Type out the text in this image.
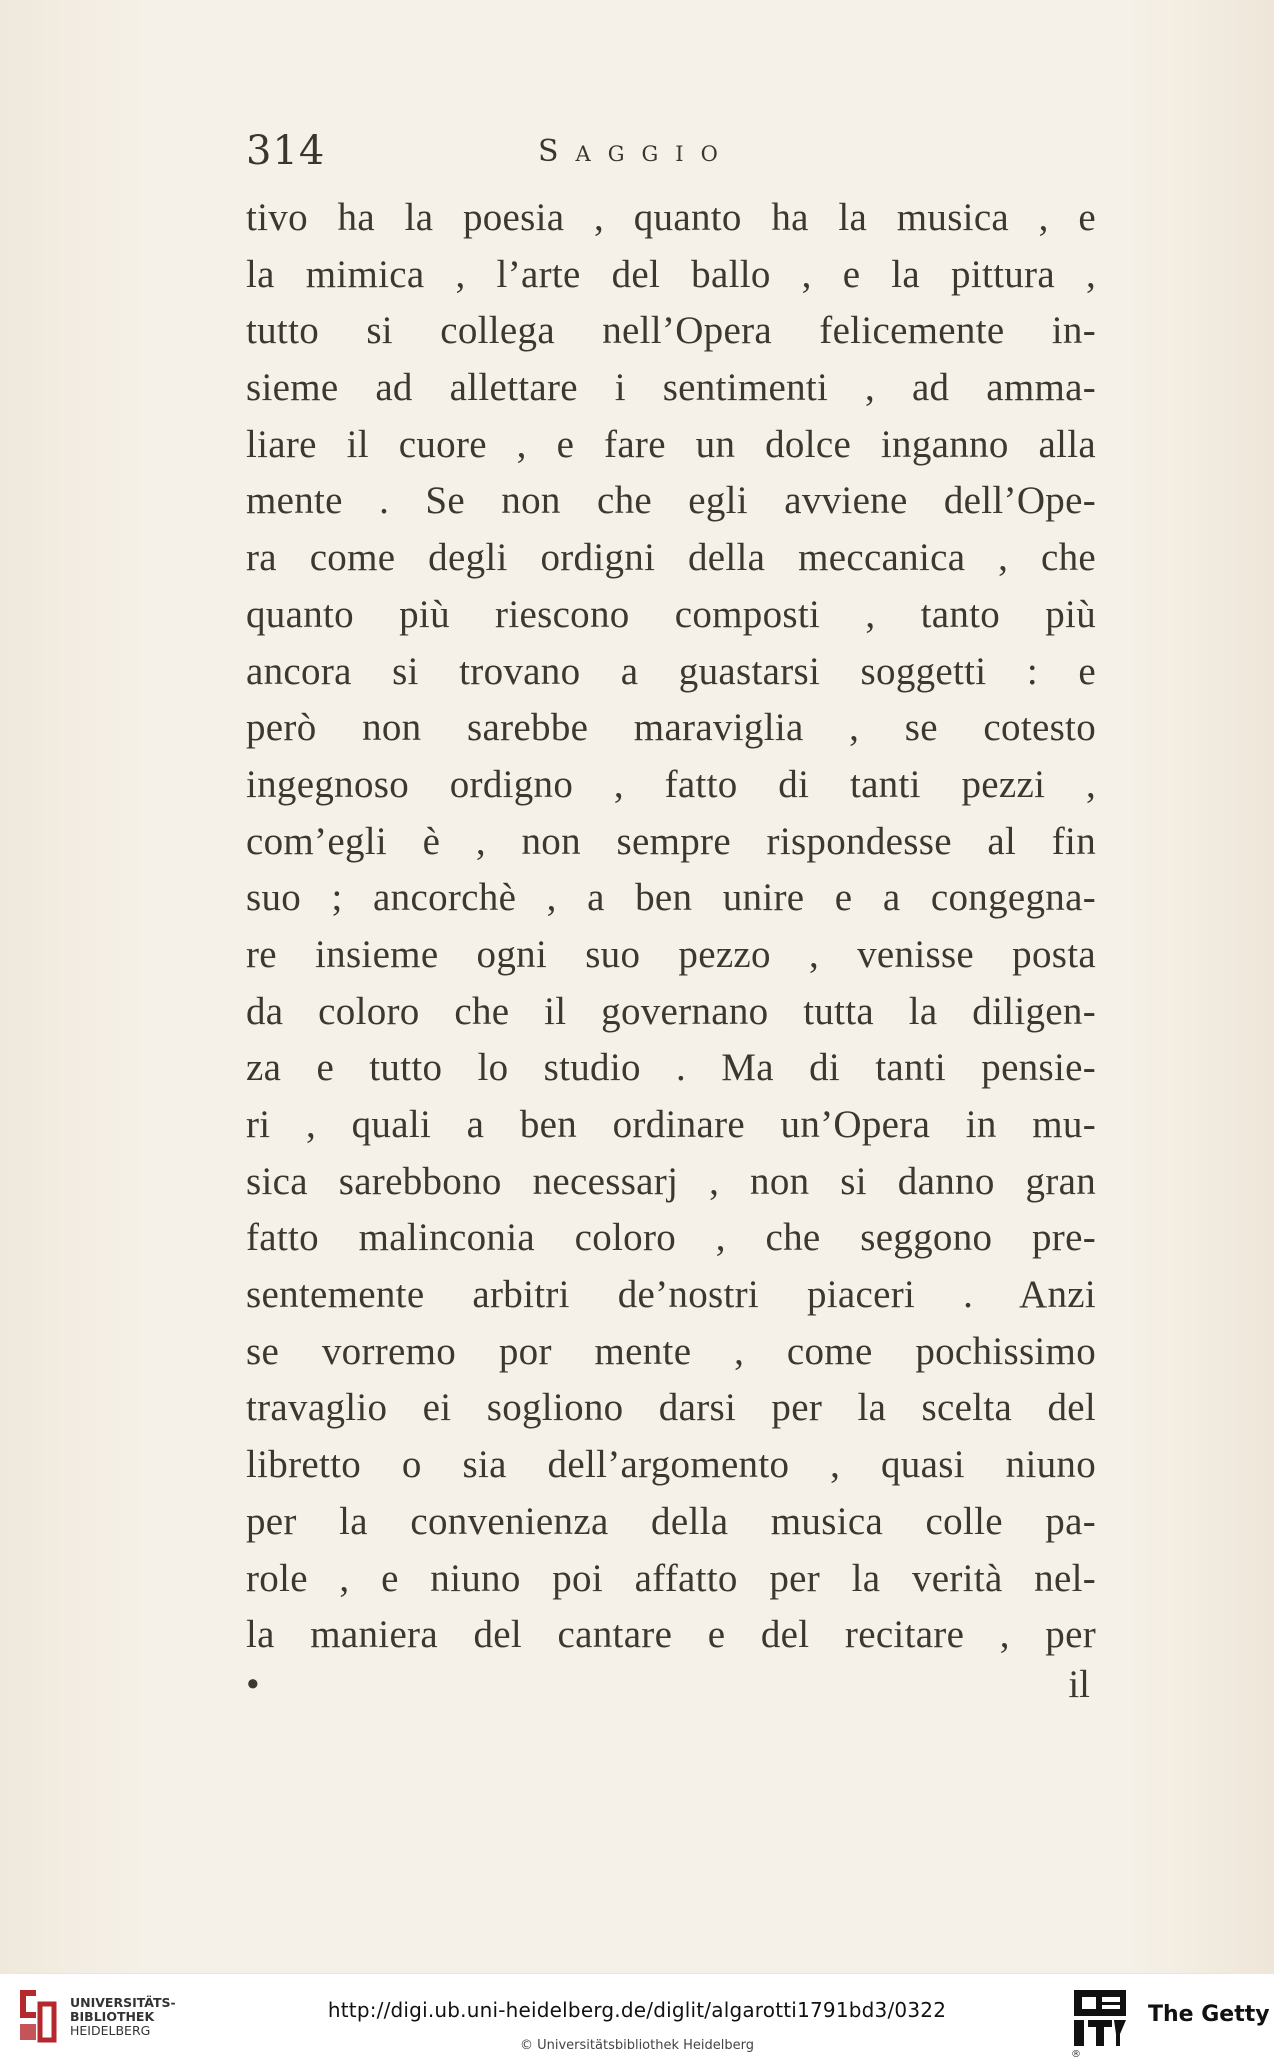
314	Saggio
tivo ha la poesia , quanto ha la musica , e
la mimica , l’arte del ballo , e la pittura ,
tutto si collega nell’Opera felicemente in-
sieme ad allettare i sentimenti , ad amma-
liare il cuore , e fare un dolce inganno alla
mente . Se non che egli avviene dell’Ope-
ra come degli ordigni della meccanica , che
quanto più riescono composti , tanto più
ancora si trovano a guastarsi soggetti : e
però non sarebbe maraviglia , se cotesto
ingegnoso ordigno , fatto di tanti pezzi ,
com’egli è , non sempre rispondesse al fin
suo ; ancorchè , a ben unire e a congegna-
re insieme ogni suo pezzo , venisse posta
da coloro che il governano tutta la diligen-
za e tutto lo studio . Ma di tanti pensie-
ri , quali a ben ordinare un’Opera in mu-
sica sarebbono necessarj , non si danno gran
fatto malinconia coloro , che seggono pre-
sentemente arbitri de’nostri piaceri . Anzi
se vorremo por mente , come pochissimo
travaglio ei sogliono darsi per la scelta del
libretto o sia dell’argomento , quasi niuno
per la convenienza della musica colle pa-
role , e niuno poi affatto per la verità nel-
la maniera del cantare e del recitare , per
•	il
UNIVERSITÄTS-
BIBLIOTHEK
HEIDELBERG
http://digi.ub.uni-heidelberg.de/diglit/algarotti1791bd3/0322
© Universitätsbibliothek Heidelberg
®
The Getty
